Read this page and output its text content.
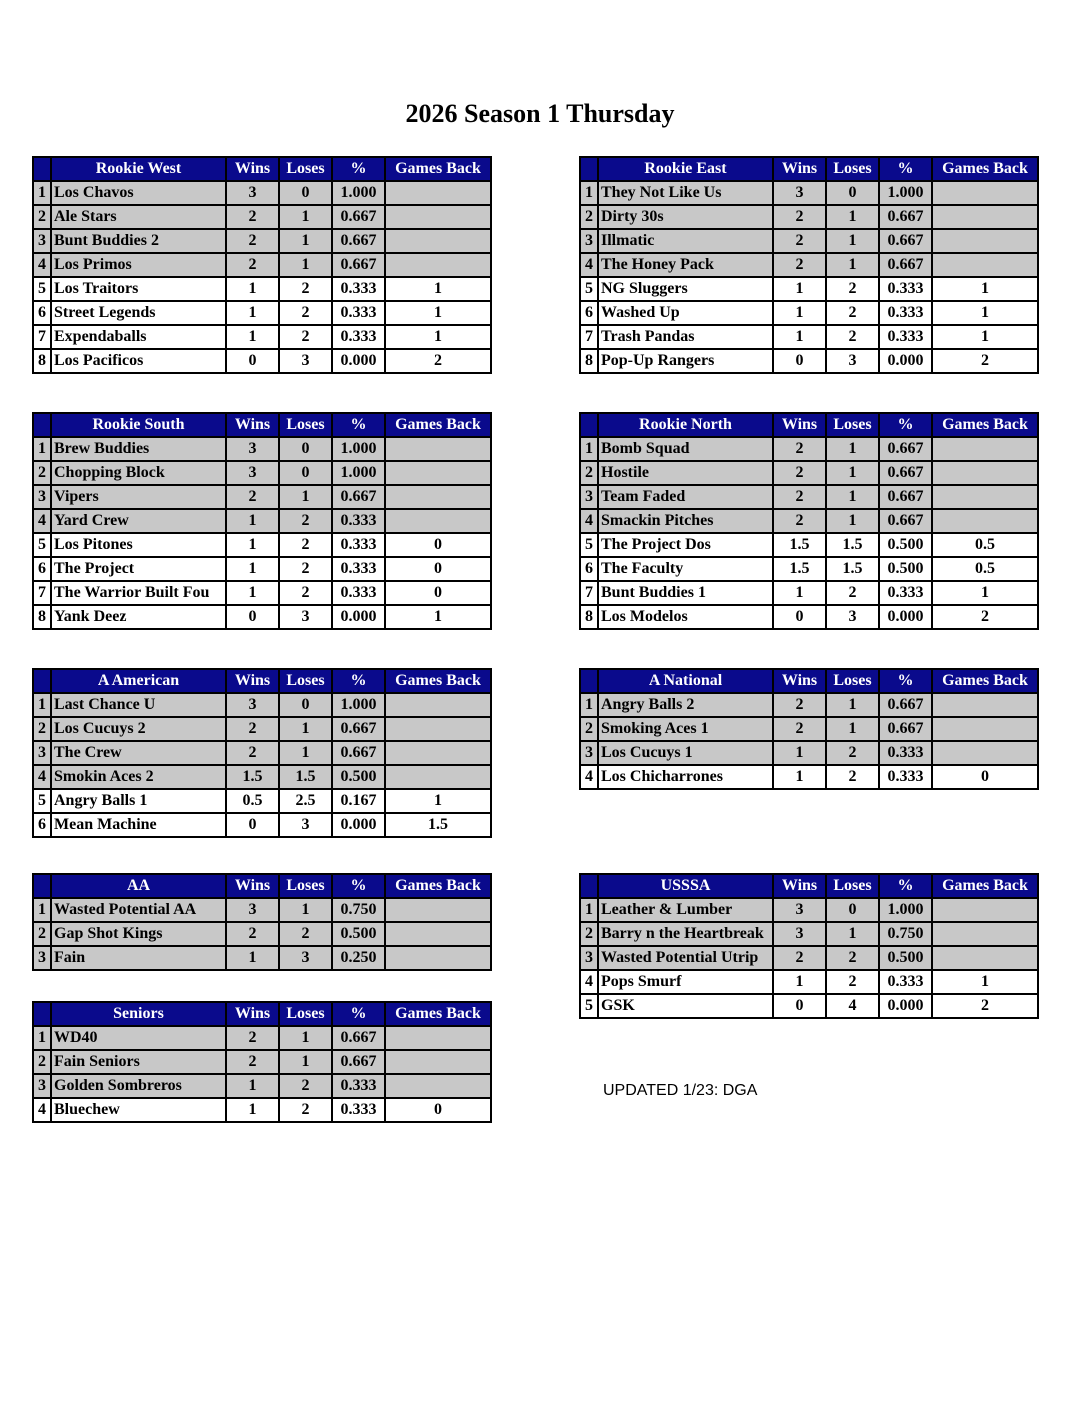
2026 Season 1 Thursday
	Rookie West	Wins	Loses	%	Games Back
1	Los Chavos	3	0	1.000	
2	Ale Stars	2	1	0.667	
3	Bunt Buddies 2	2	1	0.667	
4	Los Primos	2	1	0.667	
5	Los Traitors	1	2	0.333	1
6	Street Legends	1	2	0.333	1
7	Expendaballs	1	2	0.333	1
8	Los Pacificos	0	3	0.000	2
	Rookie East	Wins	Loses	%	Games Back
1	They Not Like Us	3	0	1.000	
2	Dirty 30s	2	1	0.667	
3	Illmatic	2	1	0.667	
4	The Honey Pack	2	1	0.667	
5	NG Sluggers	1	2	0.333	1
6	Washed Up	1	2	0.333	1
7	Trash Pandas	1	2	0.333	1
8	Pop-Up Rangers	0	3	0.000	2
	Rookie South	Wins	Loses	%	Games Back
1	Brew Buddies	3	0	1.000	
2	Chopping Block	3	0	1.000	
3	Vipers	2	1	0.667	
4	Yard Crew	1	2	0.333	
5	Los Pitones	1	2	0.333	0
6	The Project	1	2	0.333	0
7	The Warrior Built Fou	1	2	0.333	0
8	Yank Deez	0	3	0.000	1
	Rookie North	Wins	Loses	%	Games Back
1	Bomb Squad	2	1	0.667	
2	Hostile	2	1	0.667	
3	Team Faded	2	1	0.667	
4	Smackin Pitches	2	1	0.667	
5	The Project Dos	1.5	1.5	0.500	0.5
6	The Faculty	1.5	1.5	0.500	0.5
7	Bunt Buddies 1	1	2	0.333	1
8	Los Modelos	0	3	0.000	2
	A American	Wins	Loses	%	Games Back
1	Last Chance U	3	0	1.000	
2	Los Cucuys 2	2	1	0.667	
3	The Crew	2	1	0.667	
4	Smokin Aces 2	1.5	1.5	0.500	
5	Angry Balls 1	0.5	2.5	0.167	1
6	Mean Machine	0	3	0.000	1.5
	A National	Wins	Loses	%	Games Back
1	Angry Balls 2	2	1	0.667	
2	Smoking Aces 1	2	1	0.667	
3	Los Cucuys 1	1	2	0.333	
4	Los Chicharrones	1	2	0.333	0
	AA	Wins	Loses	%	Games Back
1	Wasted Potential AA	3	1	0.750	
2	Gap Shot Kings	2	2	0.500	
3	Fain	1	3	0.250	
	USSSA	Wins	Loses	%	Games Back
1	Leather & Lumber	3	0	1.000	
2	Barry n the Heartbreak	3	1	0.750	
3	Wasted Potential Utrip	2	2	0.500	
4	Pops Smurf	1	2	0.333	1
5	GSK	0	4	0.000	2
	Seniors	Wins	Loses	%	Games Back
1	WD40	2	1	0.667	
2	Fain Seniors	2	1	0.667	
3	Golden Sombreros	1	2	0.333	
4	Bluechew	1	2	0.333	0
UPDATED 1/23: DGA
